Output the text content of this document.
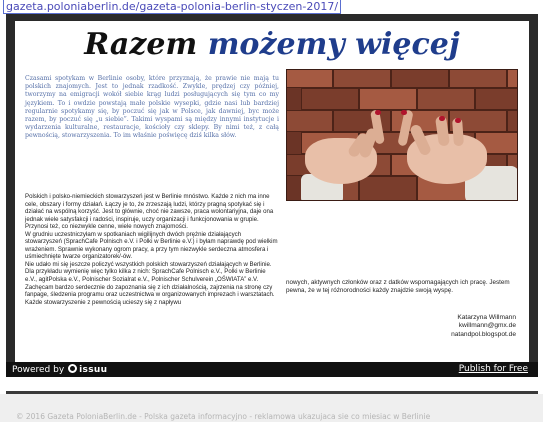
gazeta.poloniaberlin.de/gazeta-polonia-berlin-styczen-2017/
Razem możemy więcej
Czasami spotykam w Berlinie osoby, które przyznają, że prawie nie mają tu polskich znajomych. Jest to jednak rzadkość. Zwykle, prędzej czy później, tworzymy na emigracji wokół siebie krąg ludzi posługujących się tym co my językiem. To i owdzie powstają małe polskie wysepki, gdzie nasi lub bardziej regularnie spotykamy się, by poczuć się jak w Polsce, jak dawniej, byc może razem, by poczuć się „u siebie”. Takimi wyspami są między innymi instytucje i wydarzenia kulturalne, restauracje, kościoły czy sklepy. By nimi też, z całą pewnością, stowarzyszenia. To im właśnie poświęcę dziś kilka słów.

Polskich i polsko-niemieckich stowarzyszeń jest w Berlinie mnóstwo. Każde z nich ma inne cele, obszary i formy działań. Łączy je to, że zrzeszają ludzi, którzy pragną spotykać się i działać na wspólną korzyść. Jest to głównie, choć nie zawsze, praca wolontariyjna, daje ona jednak wiele satysfakcji i radości, inspiruje, uczy organizacji i funkcjonowania w grupie. Przynosi też, co niezwykle cenne, wiele nowych znajomości.

W grudniu uczestniczyłam w spotkaniach wigilijnych dwóch prężnie działających stowarzyszeń (SprachCafe Polnisch e.V. i Polki w Berlinie e.V.) i byłam naprawdę pod wielkim wrażeniem. Sprawnie wykonany ogrom pracy, a przy tym niezwykle serdeczna atmosfera i uśmiechnięte twarze organizatorek/-ów.

Nie udało mi się jeszcze policzyć wszystkich polskich stowarzyszeń działających w Berlinie. Dla przykładu wymienię więc tylko kilka z nich: SprachCafe Polnisch e.V., Polki w Berlinie e.V., agitPolska e.V., Polnischer Sozialrat e.V., Polnischer Schulverein „OŚWIATA” e.V.

Zachęcam bardzo serdecznie do zapoznania się z ich działalnością, zajrzenia na stronę czy fanpage, śledzenia programu oraz uczestnictwa w organizowanych imprezach i warsztatach. Każde stowarzyszenie z pewnością ucieszy się z napływu

nowych, aktywnych członków oraz z datków wspomagających ich pracę. Jestem pewna, że w tej różnorodności każdy znajdzie swoją wyspę.
Katarzyna Willmann
kwillmann@gmx.de
natandpol.blogspot.de
Powered by issuu	Publish for Free
© 2016 Gazeta PoloniaBerlin.de - Polska gazeta informacyjno - reklamowa ukazujaca sie co miesiac w Berlinie
